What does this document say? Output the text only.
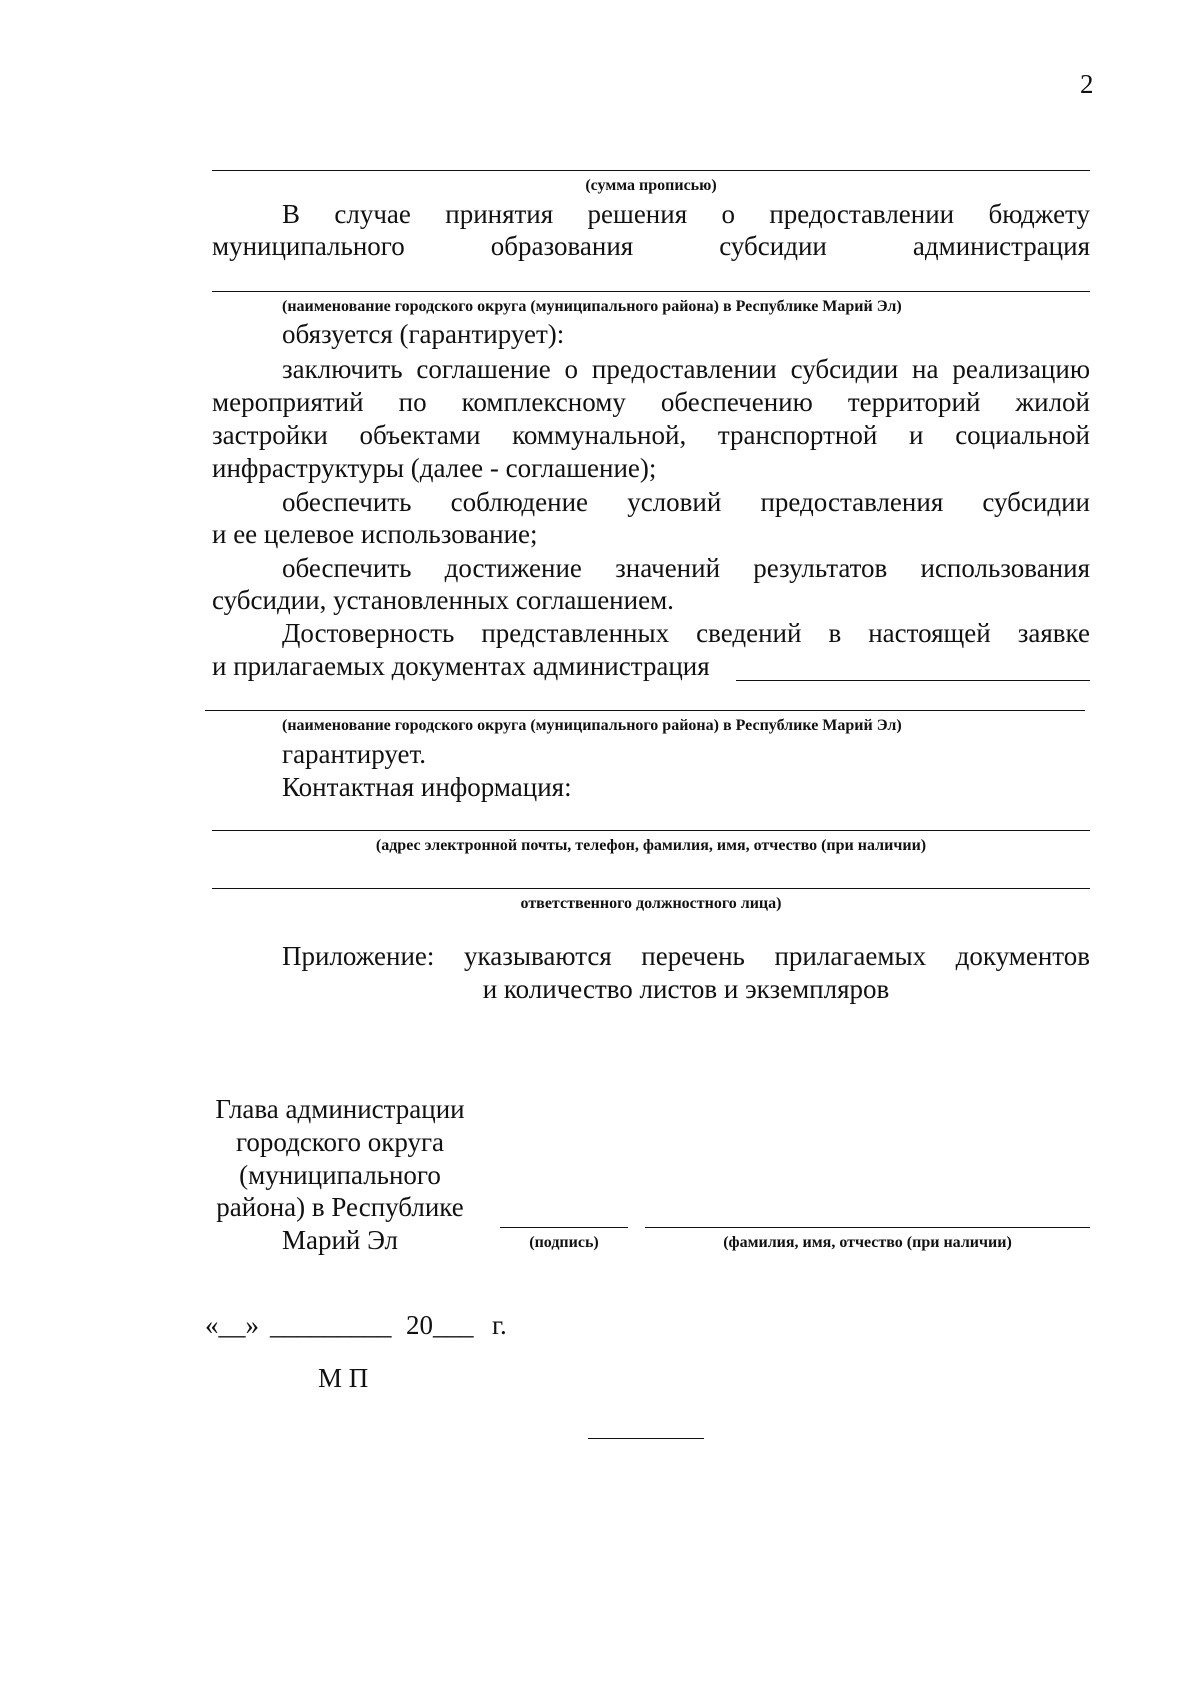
2
(сумма прописью)
В случае принятия решения о предоставлении бюджету
муниципального образования субсидии администрация
(наименование городского округа (муниципального района) в Республике Марий Эл)
обязуется (гарантирует):
заключить соглашение о предоставлении субсидии на реализацию
мероприятий по комплексному обеспечению территорий жилой
застройки объектами коммунальной, транспортной и социальной
инфраструктуры (далее - соглашение);
обеспечить соблюдение условий предоставления субсидии
и ее целевое использование;
обеспечить достижение значений результатов использования
субсидии, установленных соглашением.
Достоверность представленных сведений в настоящей заявке
и прилагаемых документах администрация
(наименование городского округа (муниципального района) в Республике Марий Эл)
гарантирует.
Контактная информация:
(адрес электронной почты, телефон, фамилия, имя, отчество (при наличии)
ответственного должностного лица)
Приложение: указываются перечень прилагаемых документов
и количество листов и экземпляров
Глава администрации
городского округа
(муниципального
района) в Республике
Марий Эл	(подпись)	(фамилия, имя, отчество (при наличии)
«__» _________ 20___ г.
М П
